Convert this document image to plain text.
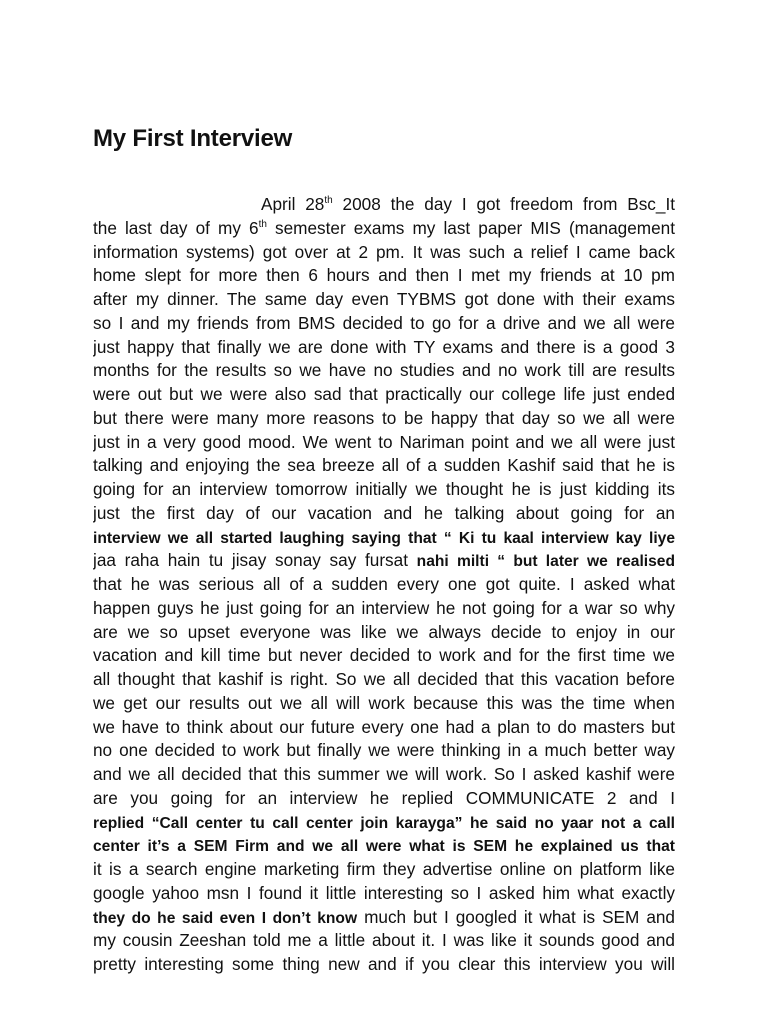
My First Interview
April 28th 2008 the day I got freedom from Bsc_It
the last day of my 6th semester exams my last paper MIS (management
information systems) got over at 2 pm. It was such a relief I came back
home slept for more then 6 hours and then I met my friends at 10 pm
after my dinner. The same day even TYBMS got done with their exams
so I and my friends from BMS decided to go for a drive and we all were
just happy that finally we are done with TY exams and there is a good 3
months for the results so we have no studies and no work till are results
were out but we were also sad that practically our college life just ended
but there were many more reasons to be happy that day so we all were
just in a very good mood. We went to Nariman point and we all were just
talking and enjoying the sea breeze all of a sudden Kashif said that he is
going for an interview tomorrow initially we thought he is just kidding its
just the first day of our vacation and he talking about going for an
interview we all started laughing saying that “ Ki tu kaal interview kay liye
jaa raha hain tu jisay sonay say fursat nahi milti “ but later we realised
that he was serious all of a sudden every one got quite. I asked what
happen guys he just going for an interview he not going for a war so why
are we so upset everyone was like we always decide to enjoy in our
vacation and kill time but never decided to work and for the first time we
all thought that kashif is right. So we all decided that this vacation before
we get our results out we all will work because this was the time when
we have to think about our future every one had a plan to do masters but
no one decided to work but finally we were thinking in a much better way
and we all decided that this summer we will work. So I asked kashif were
are you going for an interview he replied COMMUNICATE 2 and I
replied “Call center tu call center join karayga” he said no yaar not a call
center it’s a SEM Firm and we all were what is SEM he explained us that
it is a search engine marketing firm they advertise online on platform like
google yahoo msn I found it little interesting so I asked him what exactly
they do he said even I don’t know much but I googled it what is SEM and
my cousin Zeeshan told me a little about it. I was like it sounds good and
pretty interesting some thing new and if you clear this interview you will
